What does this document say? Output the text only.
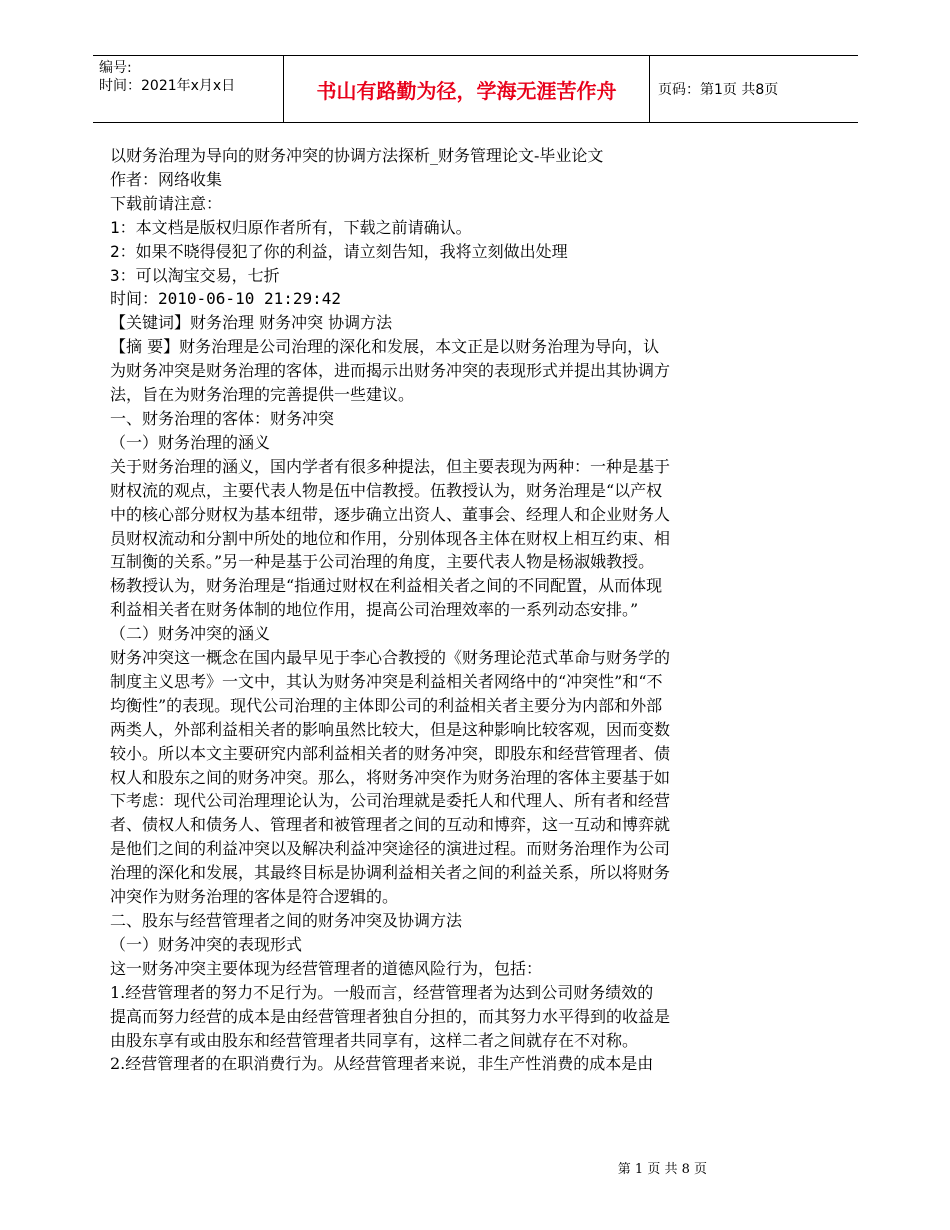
编号:
时间：2021年x月x日	书山有路勤为径，学海无涯苦作舟	页码：第1页 共8页

以财务治理为导向的财务冲突的协调方法探析_财务管理论文-毕业论文

作者：网络收集

下载前请注意：

1：本文档是版权归原作者所有，下载之前请确认。

2：如果不晓得侵犯了你的利益，请立刻告知，我将立刻做出处理

3：可以淘宝交易，七折

时间：2010-06-10 21:29:42

【关键词】财务治理 财务冲突 协调方法

【摘 要】财务治理是公司治理的深化和发展，本文正是以财务治理为导向，认

为财务冲突是财务治理的客体，进而揭示出财务冲突的表现形式并提出其协调方

法，旨在为财务治理的完善提供一些建议。

一、财务治理的客体：财务冲突

（一）财务治理的涵义

关于财务治理的涵义，国内学者有很多种提法，但主要表现为两种：一种是基于

财权流的观点，主要代表人物是伍中信教授。伍教授认为，财务治理是“以产权

中的核心部分财权为基本纽带，逐步确立出资人、董事会、经理人和企业财务人

员财权流动和分割中所处的地位和作用，分别体现各主体在财权上相互约束、相

互制衡的关系。”另一种是基于公司治理的角度，主要代表人物是杨淑娥教授。

杨教授认为，财务治理是“指通过财权在利益相关者之间的不同配置，从而体现

利益相关者在财务体制的地位作用，提高公司治理效率的一系列动态安排。”

（二）财务冲突的涵义

财务冲突这一概念在国内最早见于李心合教授的《财务理论范式革命与财务学的

制度主义思考》一文中，其认为财务冲突是利益相关者网络中的“冲突性”和“不

均衡性”的表现。现代公司治理的主体即公司的利益相关者主要分为内部和外部

两类人，外部利益相关者的影响虽然比较大，但是这种影响比较客观，因而变数

较小。所以本文主要研究内部利益相关者的财务冲突，即股东和经营管理者、债

权人和股东之间的财务冲突。那么，将财务冲突作为财务治理的客体主要基于如

下考虑：现代公司治理理论认为，公司治理就是委托人和代理人、所有者和经营

者、债权人和债务人、管理者和被管理者之间的互动和博弈，这一互动和博弈就

是他们之间的利益冲突以及解决利益冲突途径的演进过程。而财务治理作为公司

治理的深化和发展，其最终目标是协调利益相关者之间的利益关系，所以将财务

冲突作为财务治理的客体是符合逻辑的。

二、股东与经营管理者之间的财务冲突及协调方法

（一）财务冲突的表现形式

这一财务冲突主要体现为经营管理者的道德风险行为，包括：

1.经营管理者的努力不足行为。一般而言，经营管理者为达到公司财务绩效的

提高而努力经营的成本是由经营管理者独自分担的，而其努力水平得到的收益是

由股东享有或由股东和经营管理者共同享有，这样二者之间就存在不对称。

2.经营管理者的在职消费行为。从经营管理者来说，非生产性消费的成本是由

第 1 页 共 8 页
